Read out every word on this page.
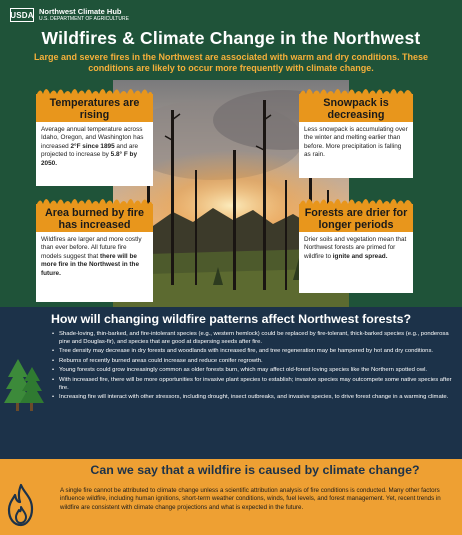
USDA Northwest Climate Hub
U.S. DEPARTMENT OF AGRICULTURE
Wildfires & Climate Change in the Northwest
Large and severe fires in the Northwest are associated with warm and dry conditions. These conditions are likely to occur more frequently with climate change.
Temperatures are rising
Average annual temperature across Idaho, Oregon, and Washington has increased 2°F since 1895 and are projected to increase by 5.8° F by 2050.
Snowpack is decreasing
Less snowpack is accumulating over the winter and melting earlier than before. More precipitation is falling as rain.
Area burned by fire has increased
Wildfires are larger and more costly than ever before. All future fire models suggest that there will be more fire in the Northwest in the future.
Forests are drier for longer periods
Drier soils and vegetation mean that Northwest forests are primed for wildfire to ignite and spread.
How will changing wildfire patterns affect Northwest forests?
• Shade-loving, thin-barked, and fire-intolerant species (e.g., western hemlock) could be replaced by fire-tolerant, thick-barked species (e.g., ponderosa pine and Douglas-fir), and species that are good at dispersing seeds after fire.
• Tree density may decrease in dry forests and woodlands with increased fire, and tree regeneration may be hampered by hot and dry conditions.
• Reburns of recently burned areas could increase and reduce conifer regrowth.
• Young forests could grow increasingly common as older forests burn, which may affect old-forest loving species like the Northern spotted owl.
• With increased fire, there will be more opportunities for invasive plant species to establish; invasive species may outcompete some native species after fire.
• Increasing fire will interact with other stressors, including drought, insect outbreaks, and invasive species, to drive forest change in a warming climate.
Can we say that a wildfire is caused by climate change?
A single fire cannot be attributed to climate change unless a scientific attribution analysis of fire conditions is conducted. Many other factors influence wildfire, including human ignitions, short-term weather conditions, winds, fuel levels, and forest management. Yet, recent trends in wildfire are consistent with climate change projections and what is expected in the future.
